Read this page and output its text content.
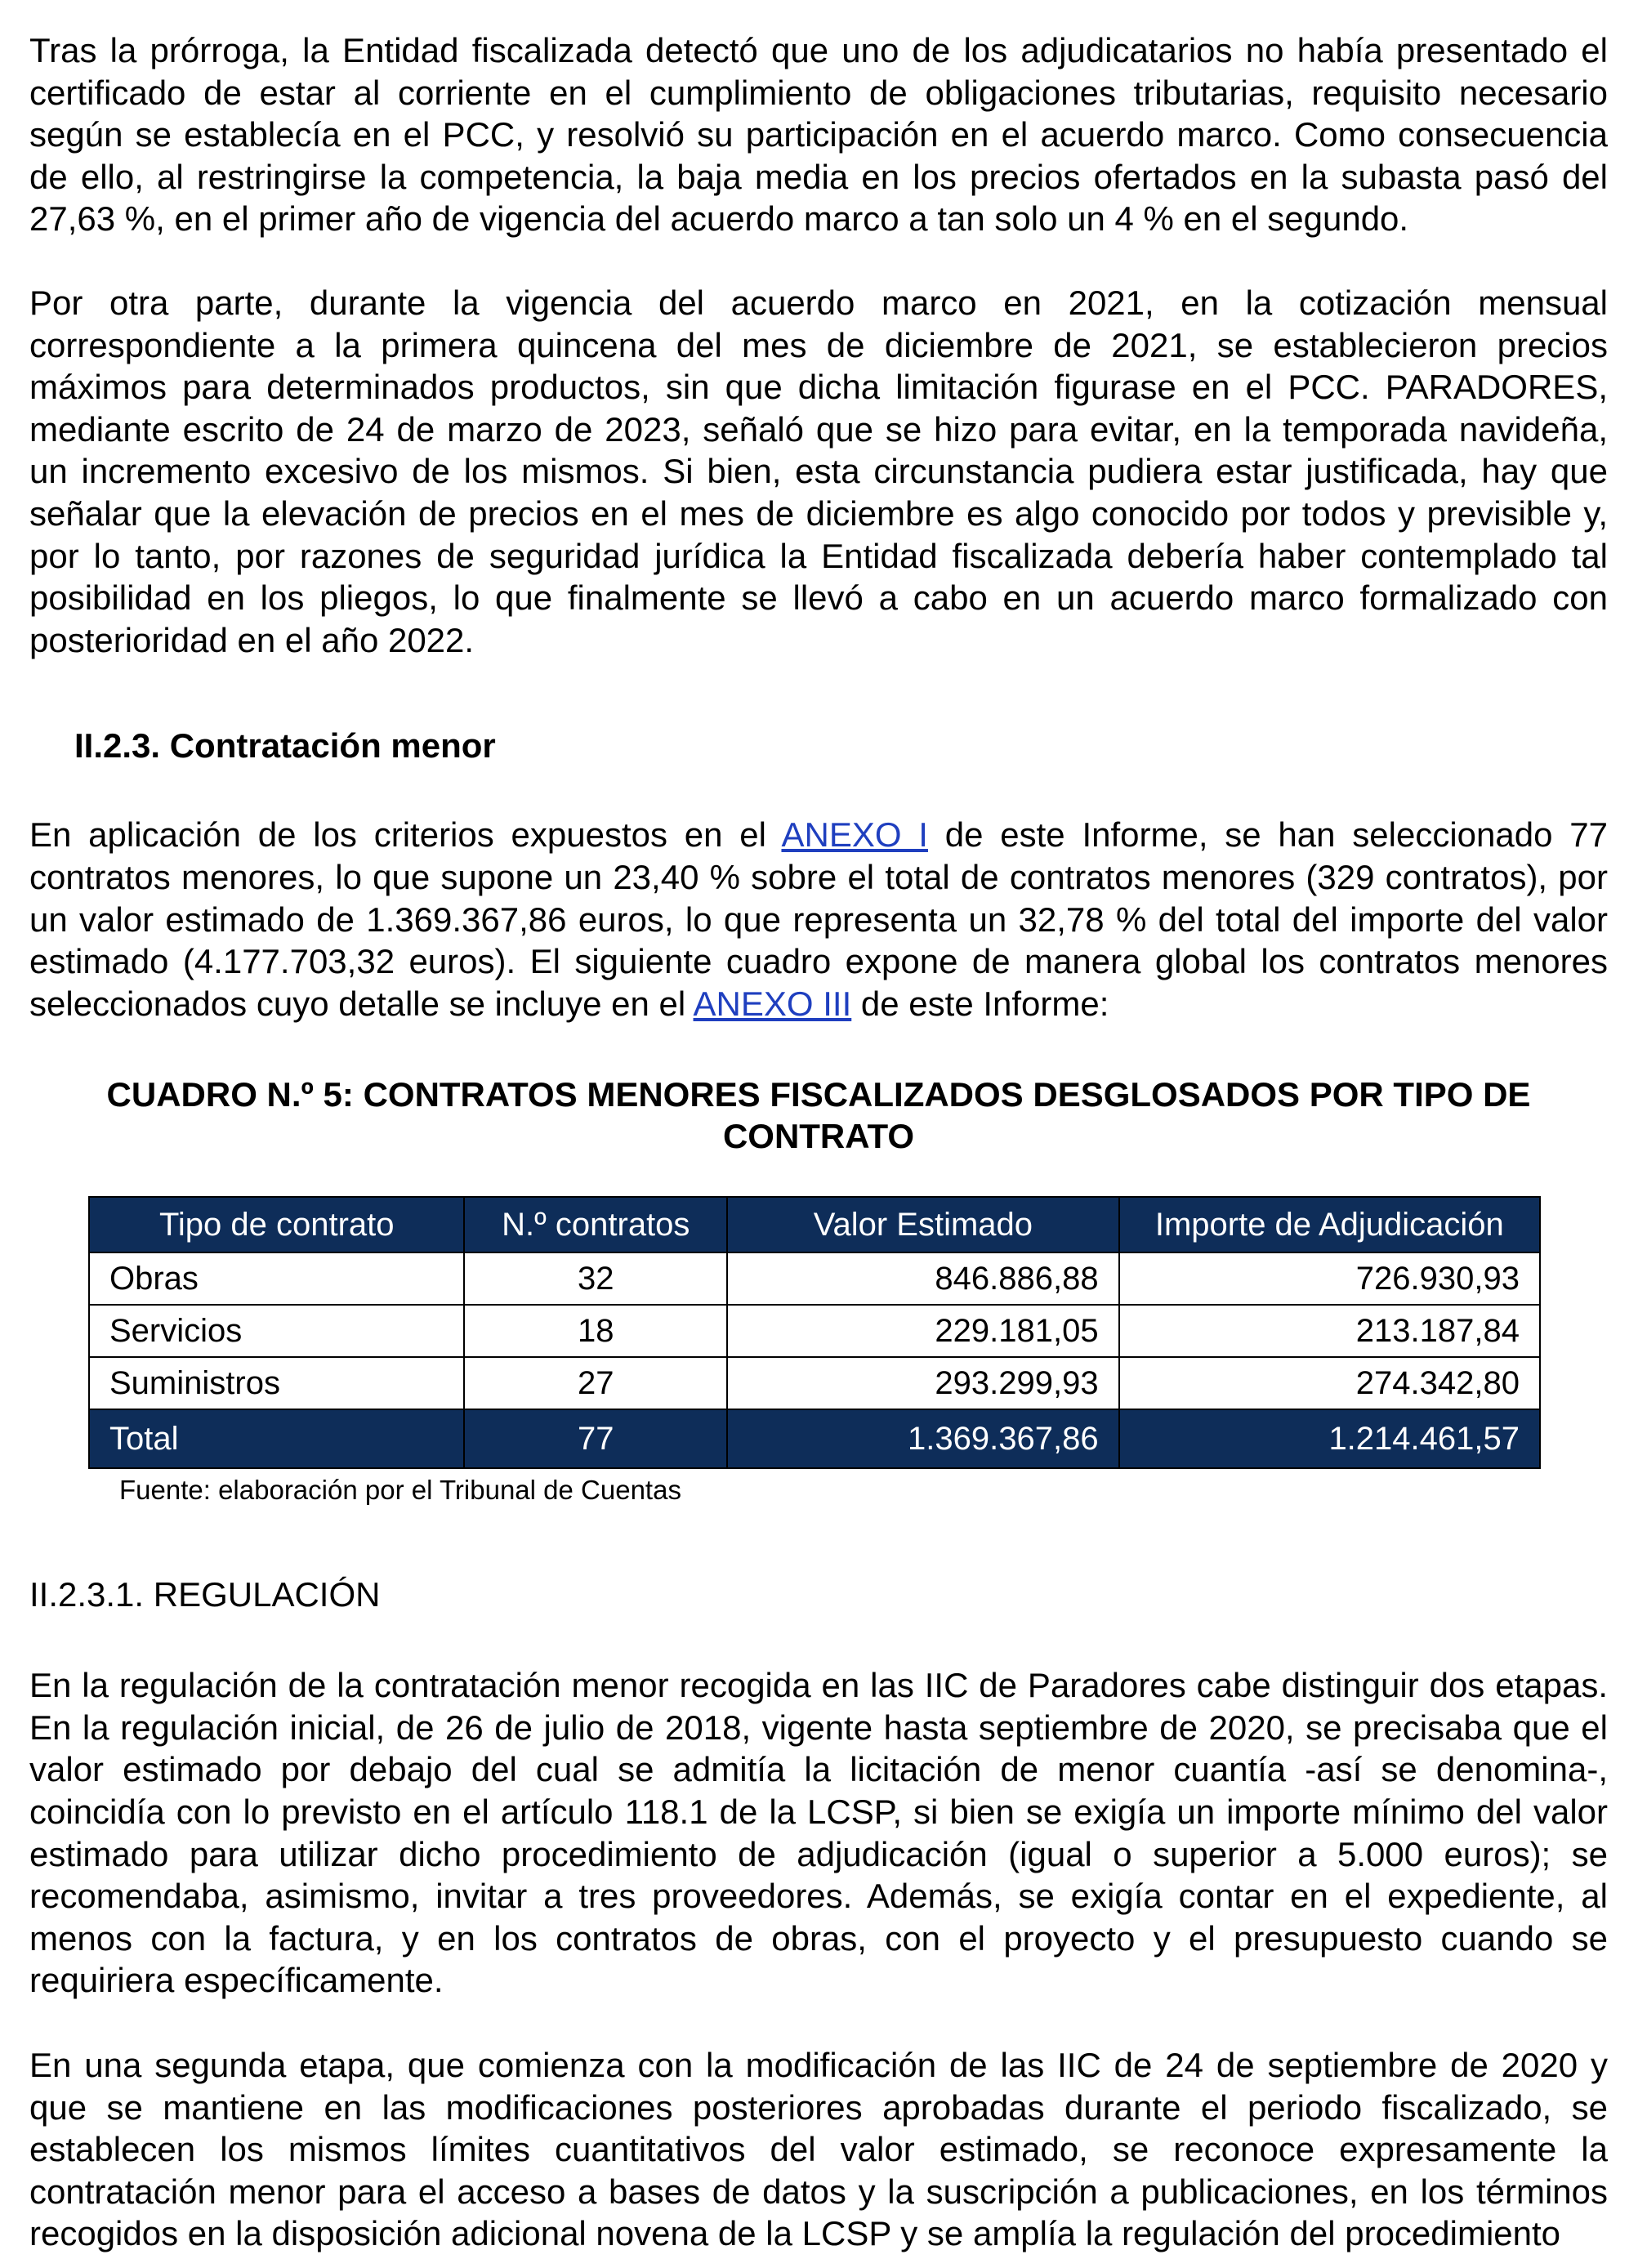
Tras la prórroga, la Entidad fiscalizada detectó que uno de los adjudicatarios no había presentado el certificado de estar al corriente en el cumplimiento de obligaciones tributarias, requisito necesario según se establecía en el PCC, y resolvió su participación en el acuerdo marco. Como consecuencia de ello, al restringirse la competencia, la baja media en los precios ofertados en la subasta pasó del 27,63 %, en el primer año de vigencia del acuerdo marco a tan solo un 4 % en el segundo.

Por otra parte, durante la vigencia del acuerdo marco en 2021, en la cotización mensual correspondiente a la primera quincena del mes de diciembre de 2021, se establecieron precios máximos para determinados productos, sin que dicha limitación figurase en el PCC. PARADORES, mediante escrito de 24 de marzo de 2023, señaló que se hizo para evitar, en la temporada navideña, un incremento excesivo de los mismos. Si bien, esta circunstancia pudiera estar justificada, hay que señalar que la elevación de precios en el mes de diciembre es algo conocido por todos y previsible y, por lo tanto, por razones de seguridad jurídica la Entidad fiscalizada debería haber contemplado tal posibilidad en los pliegos, lo que finalmente se llevó a cabo en un acuerdo marco formalizado con posterioridad en el año 2022.

II.2.3. Contratación menor

En aplicación de los criterios expuestos en el ANEXO I de este Informe, se han seleccionado 77 contratos menores, lo que supone un 23,40 % sobre el total de contratos menores (329 contratos), por un valor estimado de 1.369.367,86 euros, lo que representa un 32,78 % del total del importe del valor estimado (4.177.703,32 euros). El siguiente cuadro expone de manera global los contratos menores seleccionados cuyo detalle se incluye en el ANEXO III de este Informe:

CUADRO N.º 5: CONTRATOS MENORES FISCALIZADOS DESGLOSADOS POR TIPO DE CONTRATO
Tipo de contrato	N.º contratos	Valor Estimado	Importe de Adjudicación
Obras	32	846.886,88	726.930,93
Servicios	18	229.181,05	213.187,84
Suministros	27	293.299,93	274.342,80
Total	77	1.369.367,86	1.214.461,57
Fuente: elaboración por el Tribunal de Cuentas
II.2.3.1. REGULACIÓN

En la regulación de la contratación menor recogida en las IIC de Paradores cabe distinguir dos etapas. En la regulación inicial, de 26 de julio de 2018, vigente hasta septiembre de 2020, se precisaba que el valor estimado por debajo del cual se admitía la licitación de menor cuantía -así se denomina-, coincidía con lo previsto en el artículo 118.1 de la LCSP, si bien se exigía un importe mínimo del valor estimado para utilizar dicho procedimiento de adjudicación (igual o superior a 5.000 euros); se recomendaba, asimismo, invitar a tres proveedores. Además, se exigía contar en el expediente, al menos con la factura, y en los contratos de obras, con el proyecto y el presupuesto cuando se requiriera específicamente.

En una segunda etapa, que comienza con la modificación de las IIC de 24 de septiembre de 2020 y que se mantiene en las modificaciones posteriores aprobadas durante el periodo fiscalizado, se establecen los mismos límites cuantitativos del valor estimado, se reconoce expresamente la contratación menor para el acceso a bases de datos y la suscripción a publicaciones, en los términos recogidos en la disposición adicional novena de la LCSP y se amplía la regulación del procedimiento
